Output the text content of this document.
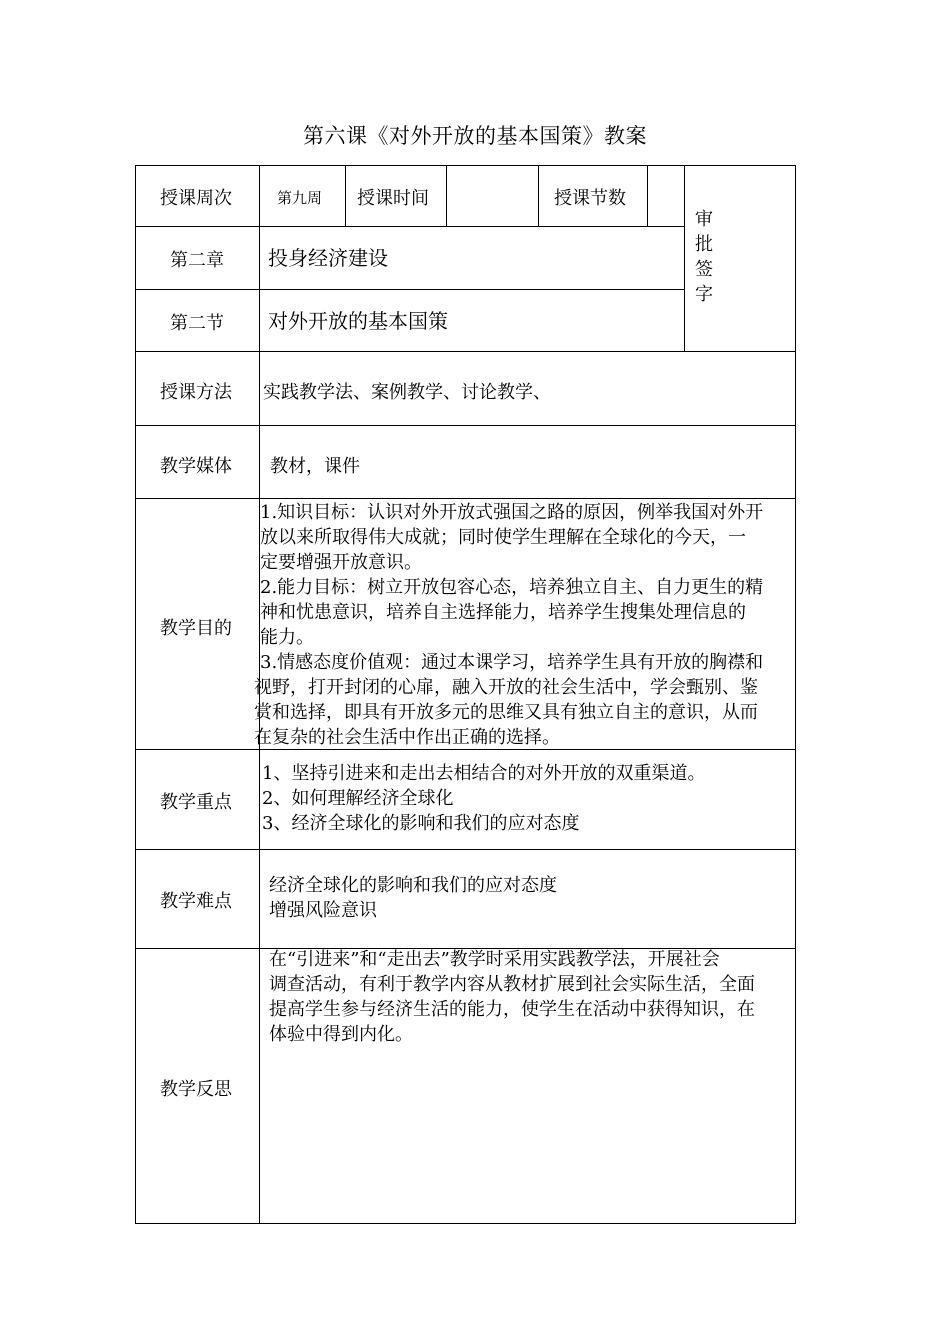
第六课《对外开放的基本国策》教案
授课周次	第九周 授课时间	授课节数
审
批
签
字
第二章 投身经济建设
第二节 对外开放的基本国策
授课方法 实践教学法、案例教学、讨论教学、
教学媒体 教材，课件
教学目的
1.知识目标：认识对外开放式强国之路的原因，例举我国对外开
放以来所取得伟大成就；同时使学生理解在全球化的今天，一
定要增强开放意识。
2.能力目标：树立开放包容心态，培养独立自主、自力更生的精
神和忧患意识，培养自主选择能力，培养学生搜集处理信息的
能力。
3.情感态度价值观：通过本课学习，培养学生具有开放的胸襟和
视野，打开封闭的心扉，融入开放的社会生活中，学会甄别、鉴
赏和选择，即具有开放多元的思维又具有独立自主的意识，从而
在复杂的社会生活中作出正确的选择。
教学重点
1、坚持引进来和走出去相结合的对外开放的双重渠道。
2、如何理解经济全球化
3、经济全球化的影响和我们的应对态度
教学难点
经济全球化的影响和我们的应对态度
增强风险意识
教学反思
在“引进来”和“走出去”教学时采用实践教学法，开展社会
调查活动，有利于教学内容从教材扩展到社会实际生活，全面
提高学生参与经济生活的能力，使学生在活动中获得知识，在
体验中得到内化。
